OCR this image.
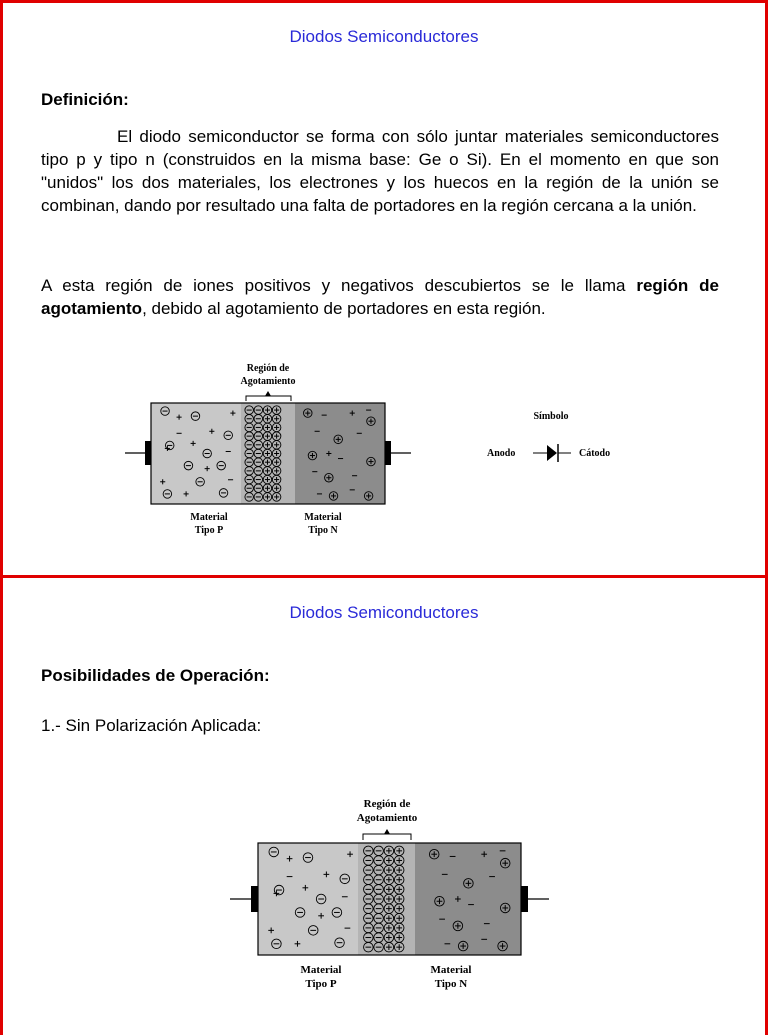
Diodos Semiconductores
Definición:
El diodo semiconductor se forma con sólo juntar materiales semiconductores tipo p y tipo n (construidos en la misma base: Ge o Si). En el momento en que son "unidos" los dos materiales, los electrones y los huecos en la región de la unión se combinan, dando por resultado una falta de portadores en la región cercana a la unión.
A esta región de iones positivos y negativos descubiertos se le llama región de agotamiento, debido al agotamiento de portadores en esta región.
Región de
Agotamiento
Material
Tipo P
Material
Tipo N
Símbolo
Anodo	Cátodo
Diodos Semiconductores
Posibilidades de Operación:
1.- Sin Polarización Aplicada:
Región de
Agotamiento
Material
Tipo P
Material
Tipo N
